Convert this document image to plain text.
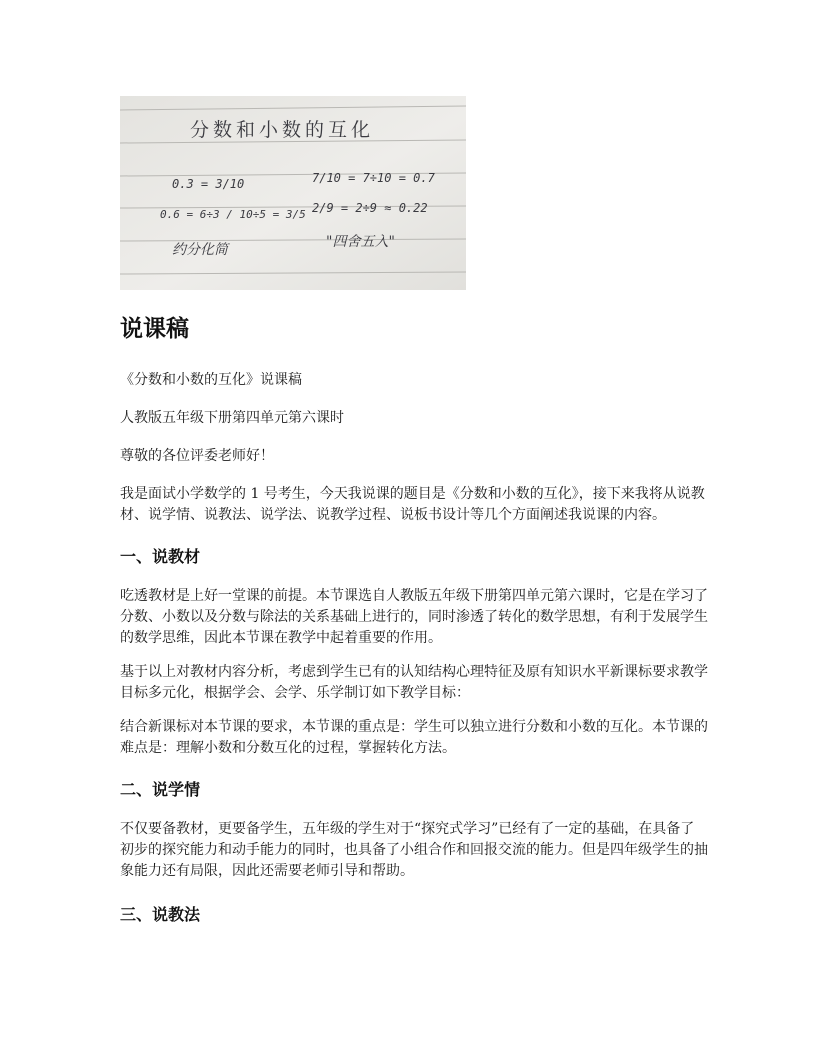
分数和小数的互化
0.3 = 3/10
0.6 = 6÷3 / 10÷5 = 3/5
约分化简
7/10 = 7÷10 = 0.7
2/9 = 2÷9 ≈ 0.22
"四舍五入"
说课稿

《分数和小数的互化》说课稿

人教版五年级下册第四单元第六课时

尊敬的各位评委老师好！

我是面试小学数学的 1 号考生，今天我说课的题目是《分数和小数的互化》，接下来我将从说教材、说学情、说教法、说学法、说教学过程、说板书设计等几个方面阐述我说课的内容。

一、说教材

吃透教材是上好一堂课的前提。本节课选自人教版五年级下册第四单元第六课时，它是在学习了分数、小数以及分数与除法的关系基础上进行的，同时渗透了转化的数学思想，有利于发展学生的数学思维，因此本节课在教学中起着重要的作用。

基于以上对教材内容分析，考虑到学生已有的认知结构心理特征及原有知识水平新课标要求教学目标多元化，根据学会、会学、乐学制订如下教学目标：

结合新课标对本节课的要求，本节课的重点是：学生可以独立进行分数和小数的互化。本节课的难点是：理解小数和分数互化的过程，掌握转化方法。

二、说学情

不仅要备教材，更要备学生，五年级的学生对于“探究式学习”已经有了一定的基础，在具备了初步的探究能力和动手能力的同时，也具备了小组合作和回报交流的能力。但是四年级学生的抽象能力还有局限，因此还需要老师引导和帮助。

三、说教法
